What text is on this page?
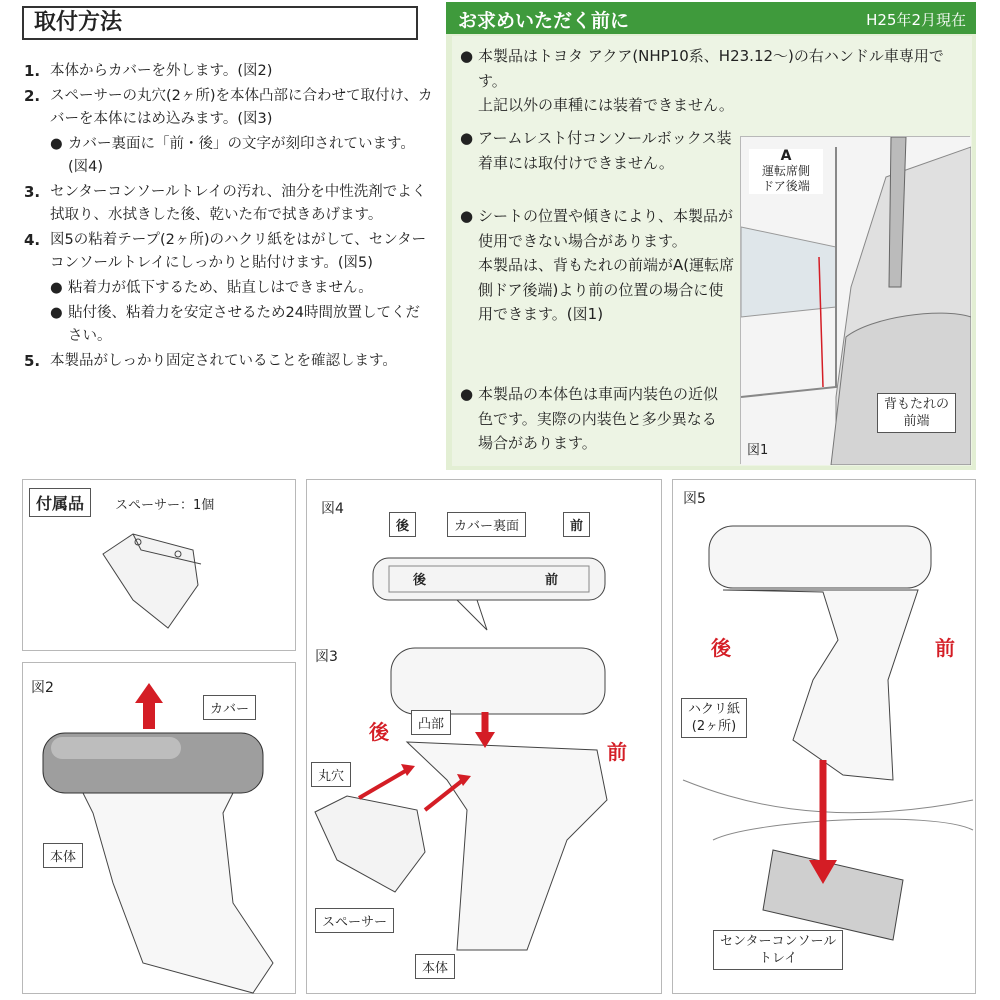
取付方法
1. 本体からカバーを外します。(図2)
2. スペーサーの丸穴(2ヶ所)を本体凸部に合わせて取付け、カバーを本体にはめ込みます。(図3)
● カバー裏面に「前・後」の文字が刻印されています。(図4)
3. センターコンソールトレイの汚れ、油分を中性洗剤でよく拭取り、水拭きした後、乾いた布で拭きあげます。
4. 図5の粘着テープ(2ヶ所)のハクリ紙をはがして、センターコンソールトレイにしっかりと貼付けます。(図5)
● 粘着力が低下するため、貼直しはできません。
● 貼付後、粘着力を安定させるため24時間放置してください。
5. 本製品がしっかり固定されていることを確認します。
お求めいただく前に	H25年2月現在
● 本製品はトヨタ アクア(NHP10系、H23.12〜)の右ハンドル車専用です。
上記以外の車種には装着できません。
● アームレスト付コンソールボックス装着車には取付けできません。
● シートの位置や傾きにより、本製品が使用できない場合があります。
本製品は、背もたれの前端がA(運転席側ドア後端)より前の位置の場合に使用できます。(図1)
● 本製品の本体色は車両内装色の近似色です。実際の内装色と多少異なる場合があります。	図1
A
運転席側
ドア後端
背もたれの
前端
付属品	スペーサー：1個
図2
カバー
本体
図4
後	カバー裏面	前
後	前
図3
後
前
凸部
丸穴
スペーサー
本体
図5
後	前
ハクリ紙
(2ヶ所)
センターコンソール
トレイ
